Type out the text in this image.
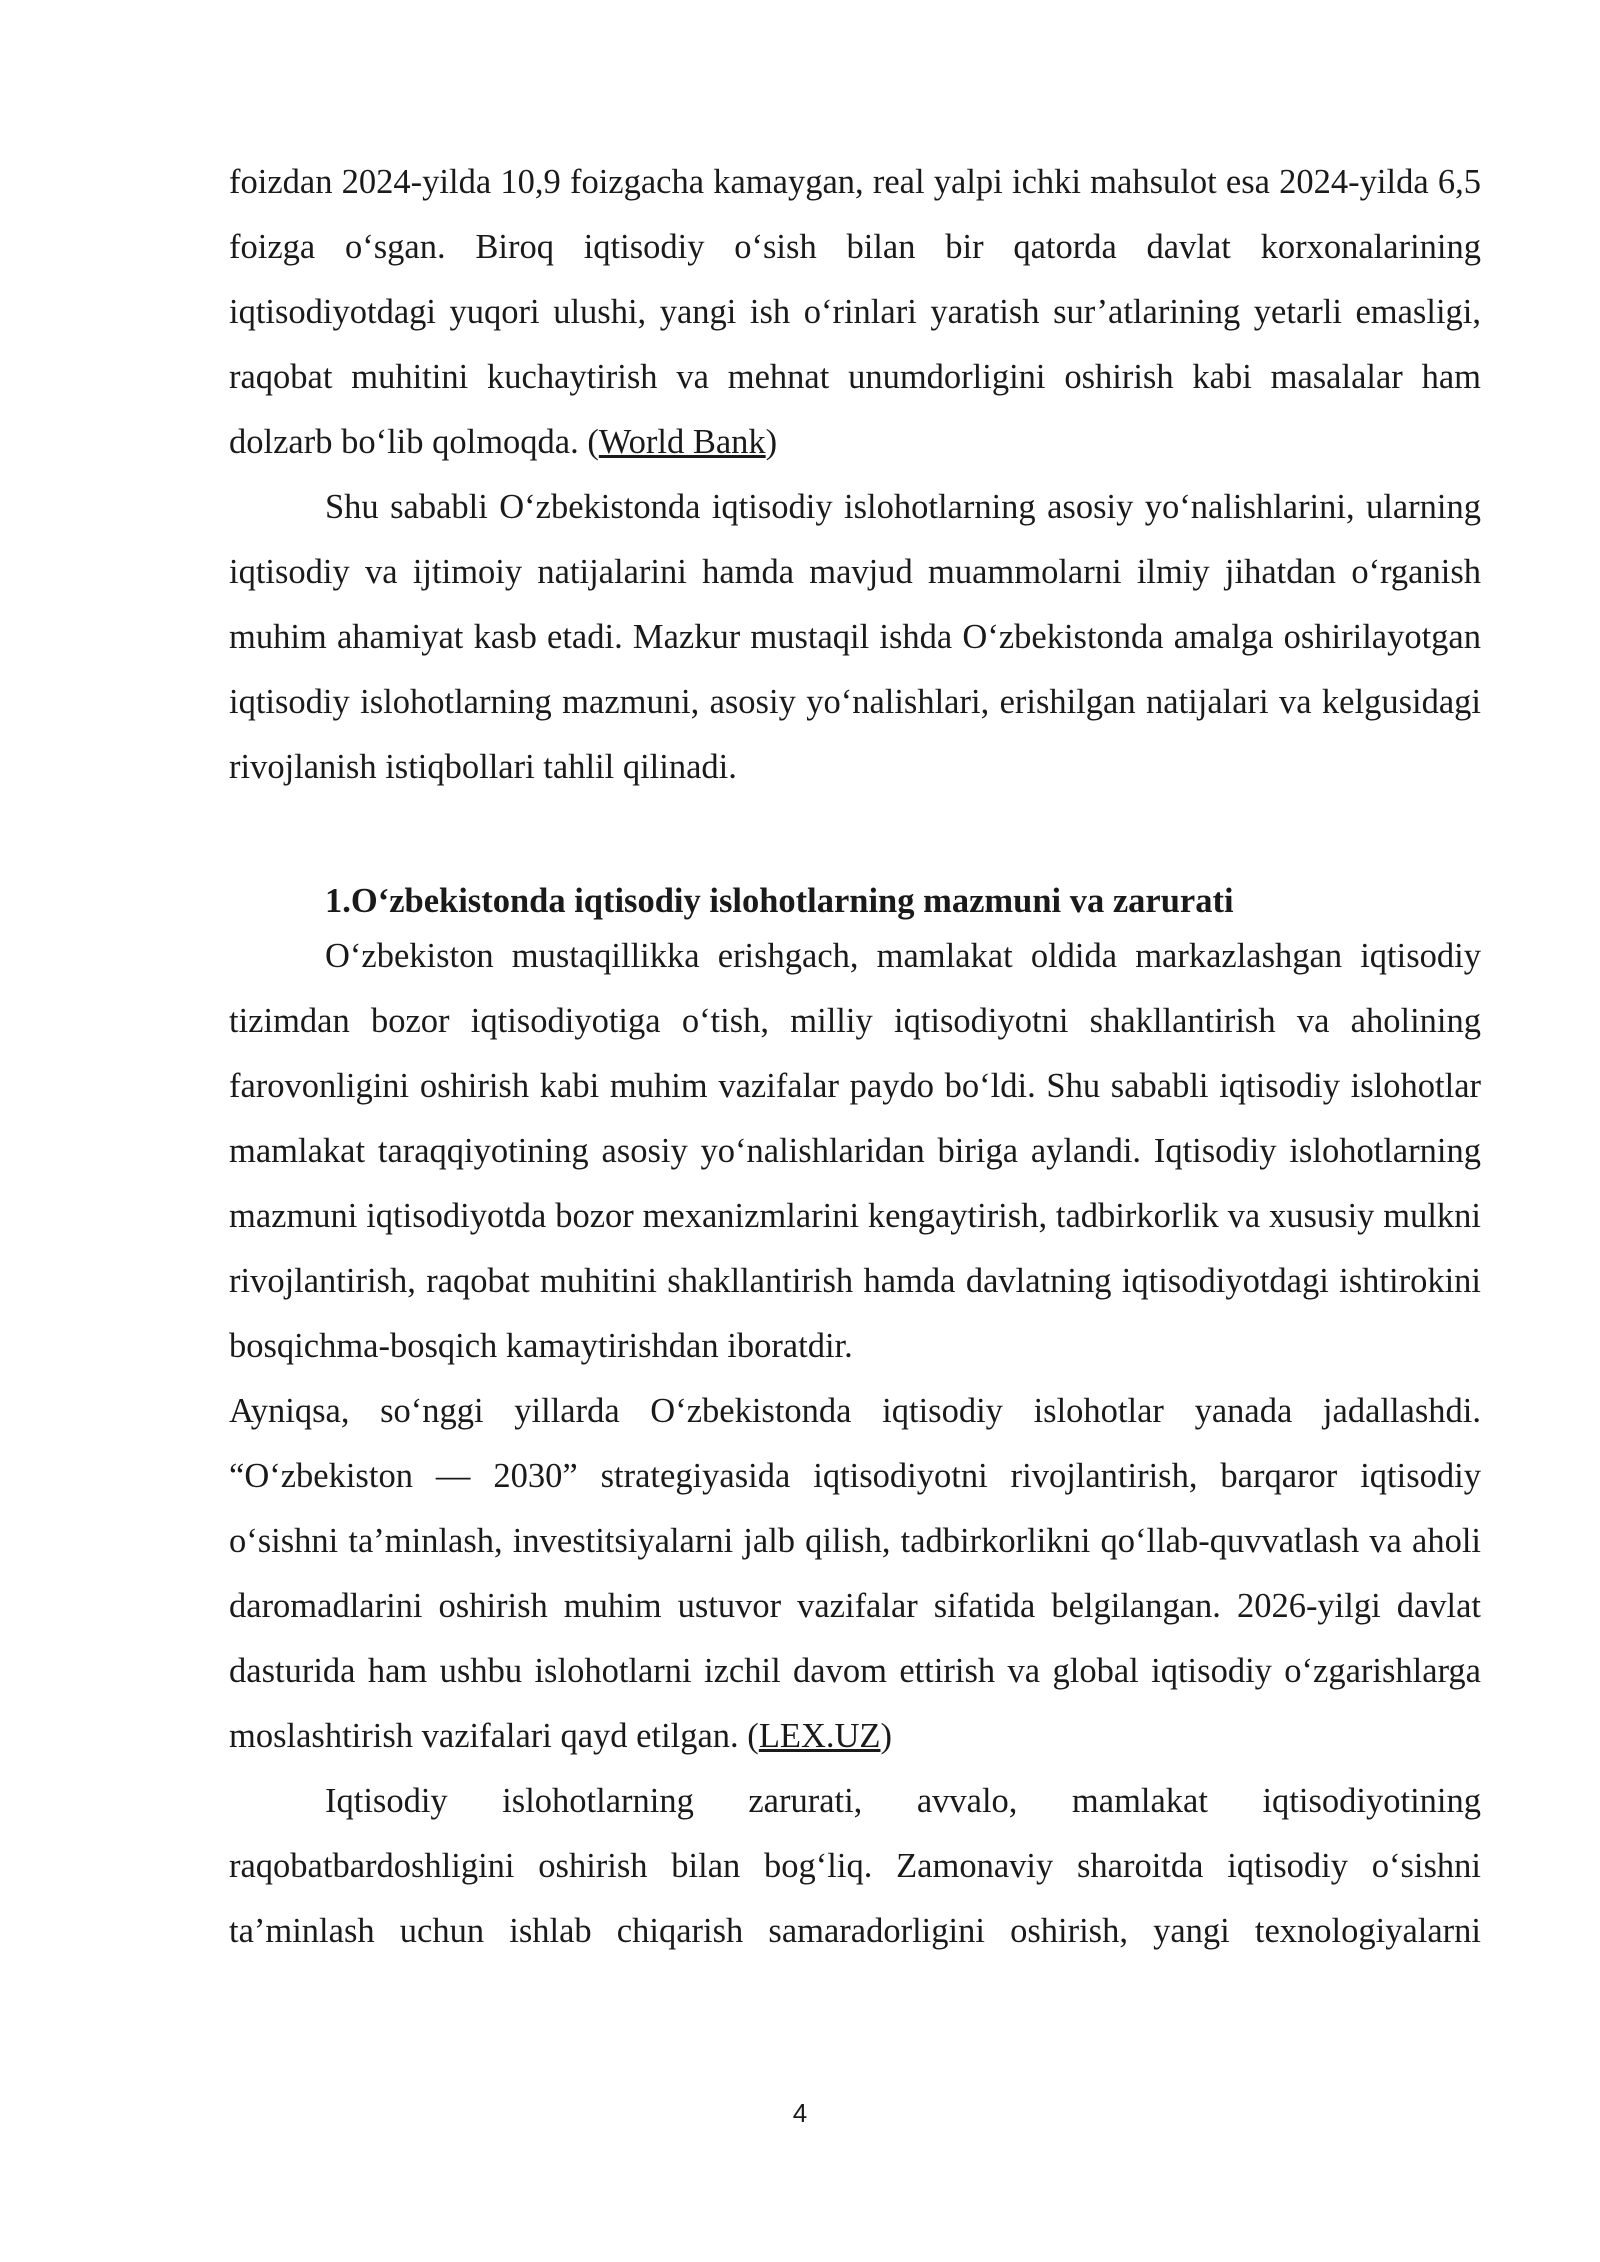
foizdan 2024-yilda 10,9 foizgacha kamaygan, real yalpi ichki mahsulot esa 2024-yilda 6,5 foizga o‘sgan. Biroq iqtisodiy o‘sish bilan bir qatorda davlat korxonalarining iqtisodiyotdagi yuqori ulushi, yangi ish o‘rinlari yaratish sur’atlarining yetarli emasligi, raqobat muhitini kuchaytirish va mehnat unumdorligini oshirish kabi masalalar ham dolzarb bo‘lib qolmoqda. (World Bank)

Shu sababli O‘zbekistonda iqtisodiy islohotlarning asosiy yo‘nalishlarini, ularning iqtisodiy va ijtimoiy natijalarini hamda mavjud muammolarni ilmiy jihatdan o‘rganish muhim ahamiyat kasb etadi. Mazkur mustaqil ishda O‘zbekistonda amalga oshirilayotgan iqtisodiy islohotlarning mazmuni, asosiy yo‘nalishlari, erishilgan natijalari va kelgusidagi rivojlanish istiqbollari tahlil qilinadi.

1.O‘zbekistonda iqtisodiy islohotlarning mazmuni va zarurati

O‘zbekiston mustaqillikka erishgach, mamlakat oldida markazlashgan iqtisodiy tizimdan bozor iqtisodiyotiga o‘tish, milliy iqtisodiyotni shakllantirish va aholining farovonligini oshirish kabi muhim vazifalar paydo bo‘ldi. Shu sababli iqtisodiy islohotlar mamlakat taraqqiyotining asosiy yo‘nalishlaridan biriga aylandi. Iqtisodiy islohotlarning mazmuni iqtisodiyotda bozor mexanizmlarini kengaytirish, tadbirkorlik va xususiy mulkni rivojlantirish, raqobat muhitini shakllantirish hamda davlatning iqtisodiyotdagi ishtirokini bosqichma-bosqich kamaytirishdan iboratdir.

Ayniqsa, so‘nggi yillarda O‘zbekistonda iqtisodiy islohotlar yanada jadallashdi. “O‘zbekiston — 2030” strategiyasida iqtisodiyotni rivojlantirish, barqaror iqtisodiy o‘sishni ta’minlash, investitsiyalarni jalb qilish, tadbirkorlikni qo‘llab-quvvatlash va aholi daromadlarini oshirish muhim ustuvor vazifalar sifatida belgilangan. 2026-yilgi davlat dasturida ham ushbu islohotlarni izchil davom ettirish va global iqtisodiy o‘zgarishlarga moslashtirish vazifalari qayd etilgan. (LEX.UZ)

Iqtisodiy islohotlarning zarurati, avvalo, mamlakat iqtisodiyotining raqobatbardoshligini oshirish bilan bog‘liq. Zamonaviy sharoitda iqtisodiy o‘sishni ta’minlash uchun ishlab chiqarish samaradorligini oshirish, yangi texnologiyalarni

4
